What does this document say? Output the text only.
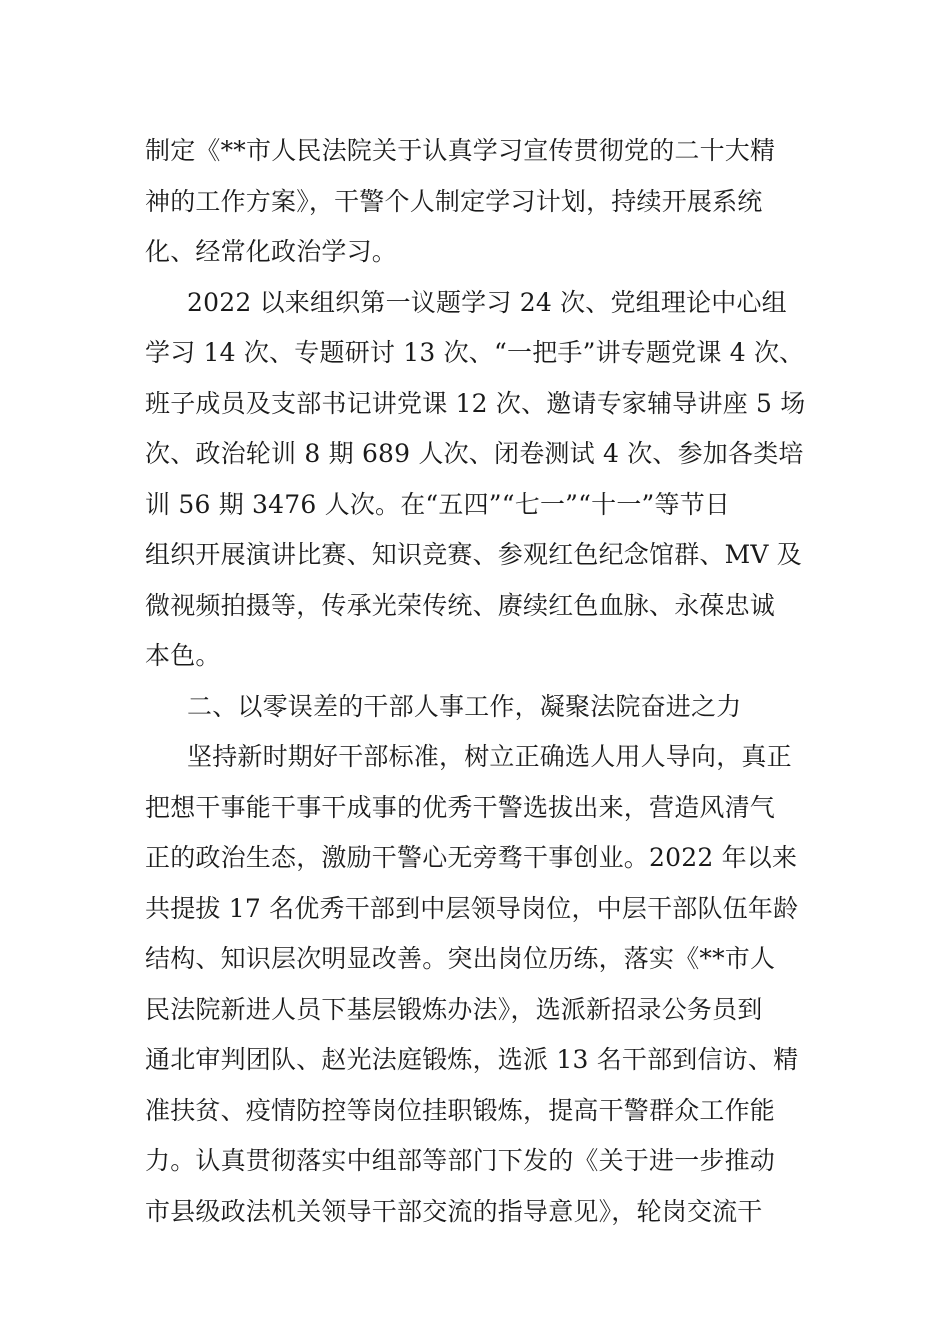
制定《**市人民法院关于认真学习宣传贯彻党的二十大精
神的工作方案》，干警个人制定学习计划，持续开展系统
化、经常化政治学习。
2022 以来组织第一议题学习 24 次、党组理论中心组
学习 14 次、专题研讨 13 次、“一把手”讲专题党课 4 次、
班子成员及支部书记讲党课 12 次、邀请专家辅导讲座 5 场
次、政治轮训 8 期 689 人次、闭卷测试 4 次、参加各类培
训 56 期 3476 人次。在“五四”“七一”“十一”等节日
组织开展演讲比赛、知识竞赛、参观红色纪念馆群、MV 及
微视频拍摄等，传承光荣传统、赓续红色血脉、永葆忠诚
本色。
二、以零误差的干部人事工作，凝聚法院奋进之力
坚持新时期好干部标准，树立正确选人用人导向，真正
把想干事能干事干成事的优秀干警选拔出来，营造风清气
正的政治生态，激励干警心无旁骛干事创业。2022 年以来
共提拔 17 名优秀干部到中层领导岗位，中层干部队伍年龄
结构、知识层次明显改善。突出岗位历练，落实《**市人
民法院新进人员下基层锻炼办法》，选派新招录公务员到
通北审判团队、赵光法庭锻炼，选派 13 名干部到信访、精
准扶贫、疫情防控等岗位挂职锻炼，提高干警群众工作能
力。认真贯彻落实中组部等部门下发的《关于进一步推动
市县级政法机关领导干部交流的指导意见》，轮岗交流干
